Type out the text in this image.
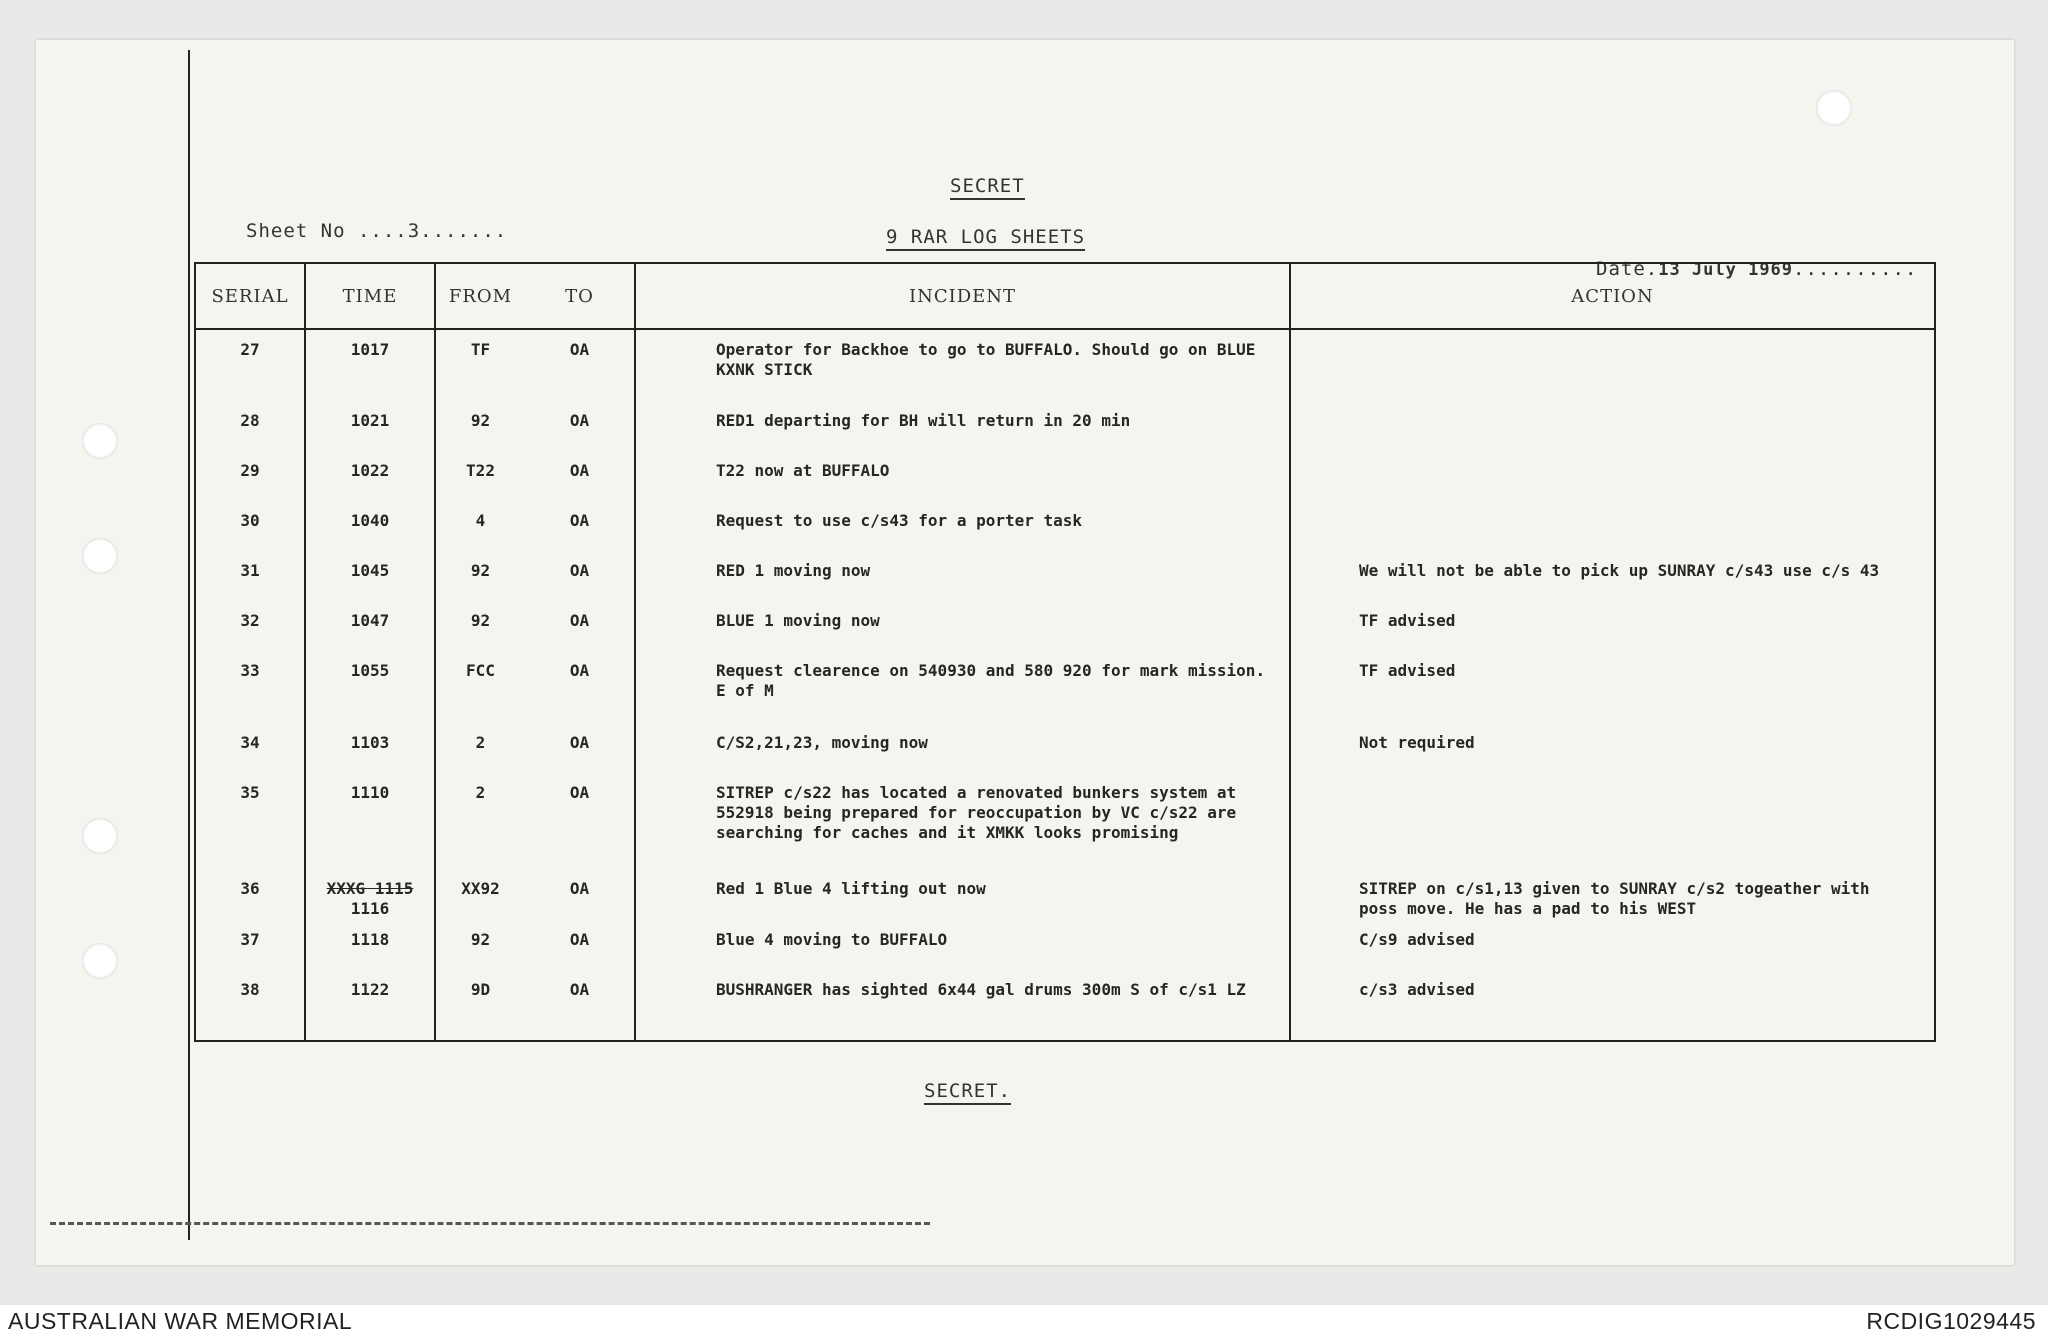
SECRET
Sheet No ....3.......	9 RAR LOG SHEETS
Date.13 July 1969..........
SERIAL	TIME	FROM	TO	INCIDENT	ACTION
27	1017	TF	OA	Operator for Backhoe to go to BUFFALO. Should go on BLUE KXNK STICK	
28	1021	92	OA	RED1 departing for BH will return in 20 min	
29	1022	T22	OA	T22 now at BUFFALO	
30	1040	4	OA	Request to use c/s43 for a porter task	
31	1045	92	OA	RED 1 moving now	We will not be able to pick up SUNRAY c/s43 use c/s 43
32	1047	92	OA	BLUE 1 moving now	TF advised
33	1055	FCC	OA	Request clearence on 540930 and 580 920 for mark mission. E of M	TF advised
34	1103	2	OA	C/S2,21,23, moving now	Not required
35	1110	2	OA	SITREP c/s22 has located a renovated bunkers system at 552918 being prepared for reoccupation by VC c/s22 are searching for caches and it XMKK looks promising	
36	XXXG 1115 1116	XX92	OA	Red 1 Blue 4 lifting out now	SITREP on c/s1,13 given to SUNRAY c/s2 togeather with poss move. He has a pad to his WEST
37	1118	92	OA	Blue 4 moving to BUFFALO	C/s9 advised
38	1122	9D	OA	BUSHRANGER has sighted 6x44 gal drums 300m S of c/s1 LZ	c/s3 advised
SECRET.
AUSTRALIAN WAR MEMORIAL	RCDIG1029445
